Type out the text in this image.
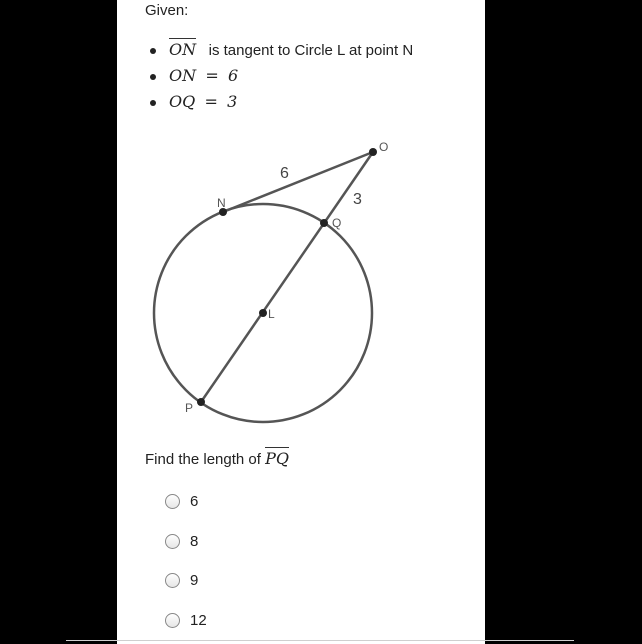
Given:
ON is tangent to Circle L at point N
ON  =  6
OQ  =  3
O
N
Q
L
P
6
3
Find the length of PQ
6
8
9
12
